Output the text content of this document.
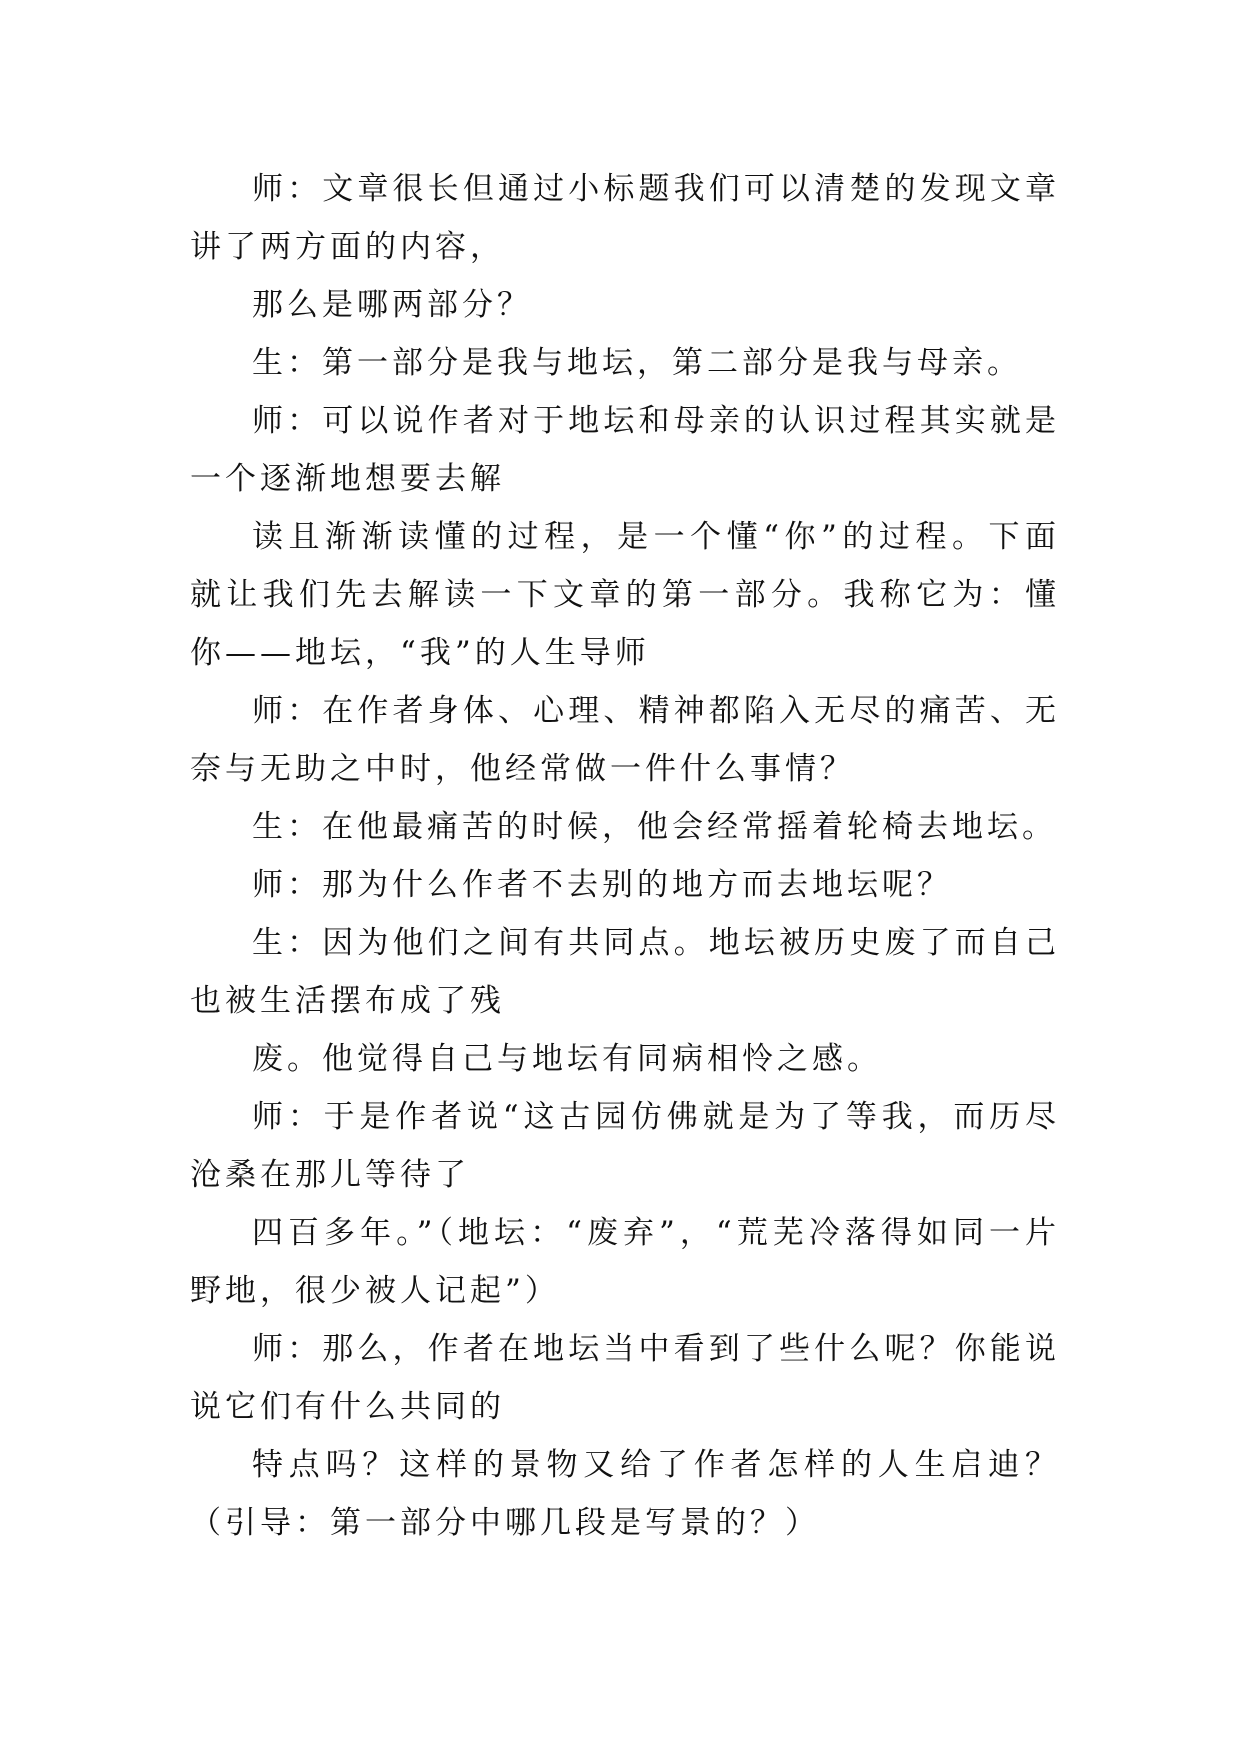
师：文章很长但通过小标题我们可以清楚的发现文章讲了两方面的内容，

那么是哪两部分？

生：第一部分是我与地坛，第二部分是我与母亲。

师：可以说作者对于地坛和母亲的认识过程其实就是一个逐渐地想要去解

读且渐渐读懂的过程，是一个懂“你”的过程。下面就让我们先去解读一下文章的第一部分。我称它为：懂你——地坛，“我”的人生导师

师：在作者身体、心理、精神都陷入无尽的痛苦、无奈与无助之中时，他经常做一件什么事情？

生：在他最痛苦的时候，他会经常摇着轮椅去地坛。

师：那为什么作者不去别的地方而去地坛呢？

生：因为他们之间有共同点。地坛被历史废了而自己也被生活摆布成了残

废。他觉得自己与地坛有同病相怜之感。

师：于是作者说“这古园仿佛就是为了等我，而历尽沧桑在那儿等待了

四百多年。”（地坛：“废弃”，“荒芜冷落得如同一片野地，很少被人记起”）

师：那么，作者在地坛当中看到了些什么呢？你能说说它们有什么共同的

特点吗？这样的景物又给了作者怎样的人生启迪？（引导：第一部分中哪几段是写景的？）
